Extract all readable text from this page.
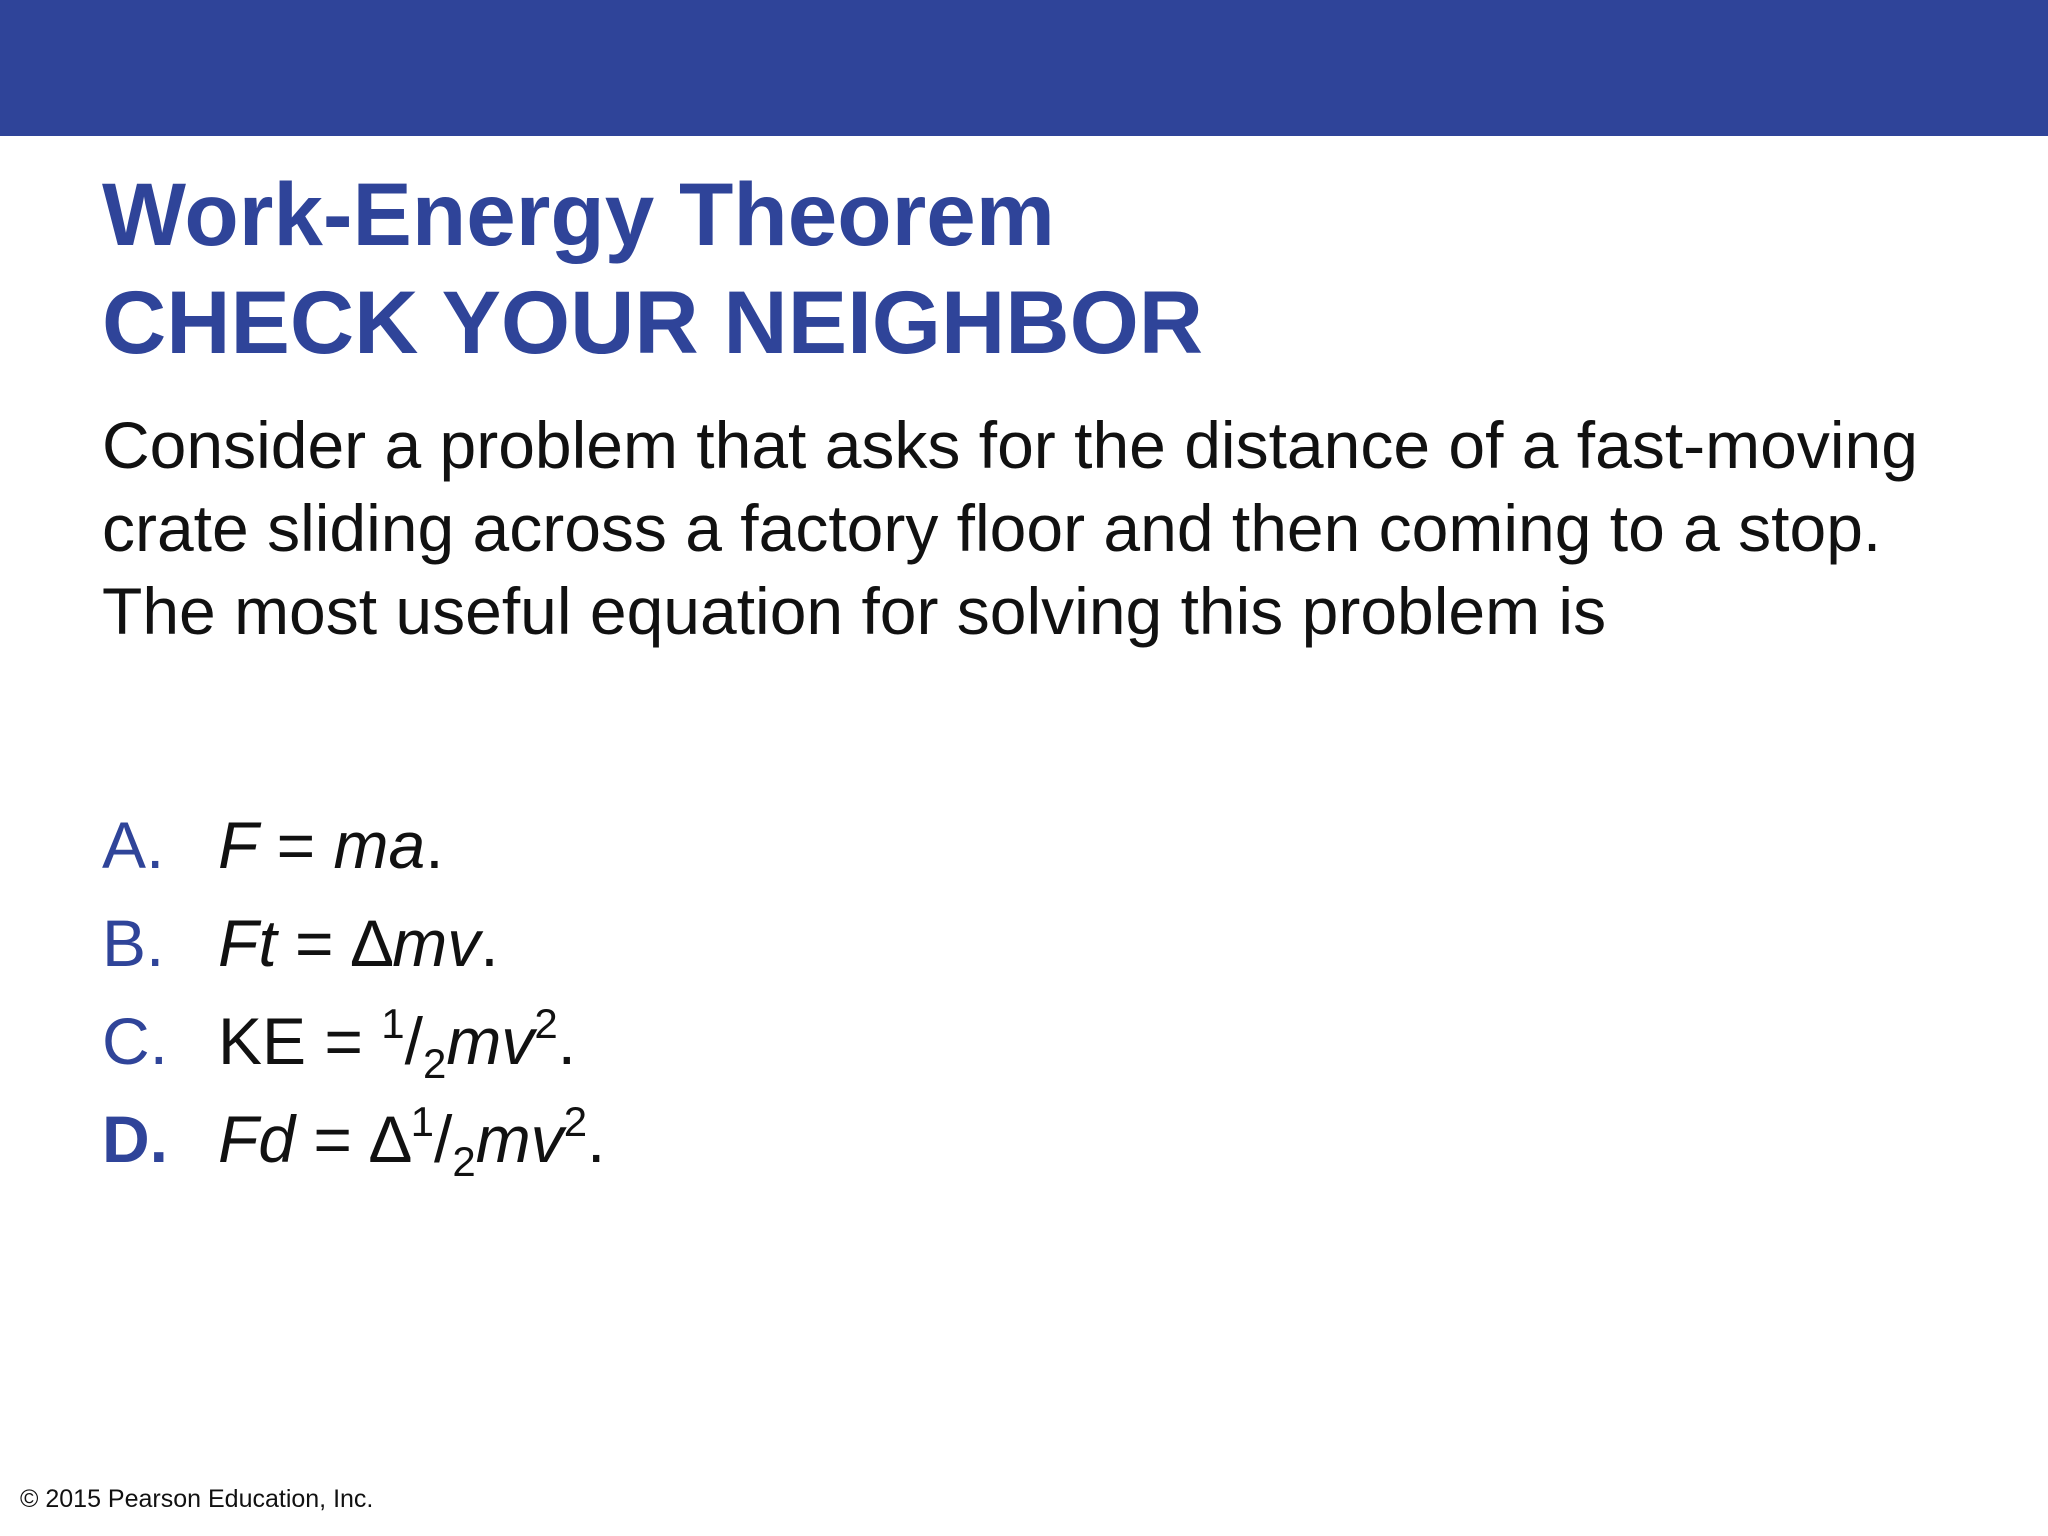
Work-Energy Theorem
CHECK YOUR NEIGHBOR

Consider a problem that asks for the distance of a fast-moving crate sliding across a factory floor and then coming to a stop. The most useful equation for solving this problem is

A. F = ma.
B. Ft = ∆mv.
C. KE = $^1/_2mv^2$.
D. $Fd = \Delta^1/_2mv^2$.
© 2015 Pearson Education, Inc.
